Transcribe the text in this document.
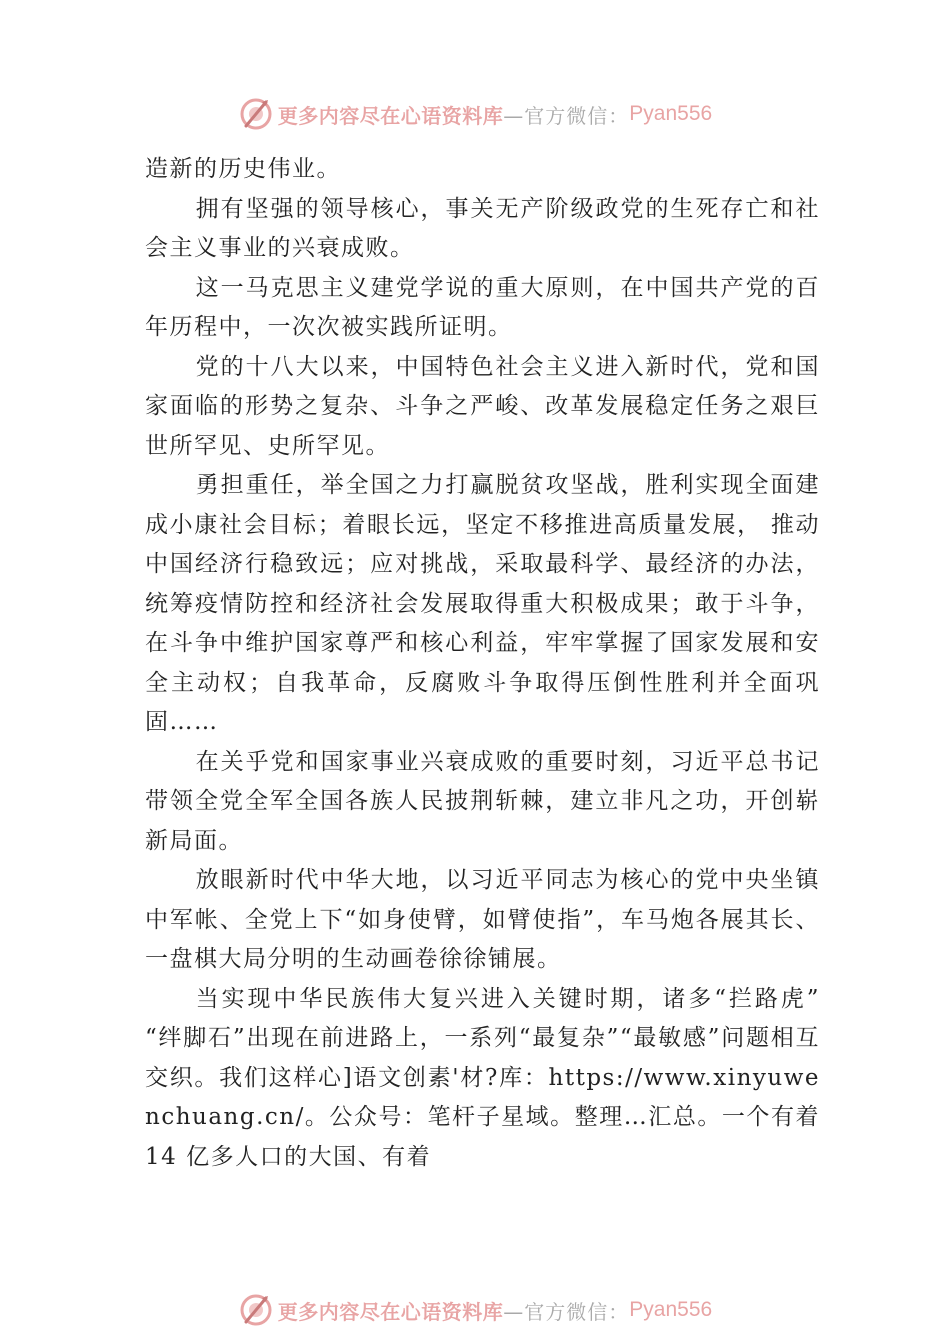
更多内容尽在心语资料库 —官方微信： Pyan556

造新的历史伟业。

拥有坚强的领导核心，事关无产阶级政党的生死存亡和社会主义事业的兴衰成败。

这一马克思主义建党学说的重大原则，在中国共产党的百年历程中，一次次被实践所证明。

党的十八大以来，中国特色社会主义进入新时代，党和国家面临的形势之复杂、斗争之严峻、改革发展稳定任务之艰巨世所罕见、史所罕见。

勇担重任，举全国之力打赢脱贫攻坚战，胜利实现全面建成小康社会目标；着眼长远，坚定不移推进高质量发展， 推动中国经济行稳致远；应对挑战，采取最科学、最经济的办法，统筹疫情防控和经济社会发展取得重大积极成果；敢于斗争，在斗争中维护国家尊严和核心利益，牢牢掌握了国家发展和安全主动权；自我革命，反腐败斗争取得压倒性胜利并全面巩固……

在关乎党和国家事业兴衰成败的重要时刻，习近平总书记带领全党全军全国各族人民披荆斩棘，建立非凡之功，开创崭新局面。

放眼新时代中华大地，以习近平同志为核心的党中央坐镇中军帐、全党上下“如身使臂，如臂使指”，车马炮各展其长、一盘棋大局分明的生动画卷徐徐铺展。

当实现中华民族伟大复兴进入关键时期，诸多“拦路虎” “绊脚石”出现在前进路上，一系列“最复杂”“最敏感”问题相互交织。我们这样心]语文创素'材?库：https://www.xinyuwenchuang.cn/。公众号：笔杆子星域。整理…汇总。一个有着 14 亿多人口的大国、有着

更多内容尽在心语资料库 —官方微信： Pyan556
